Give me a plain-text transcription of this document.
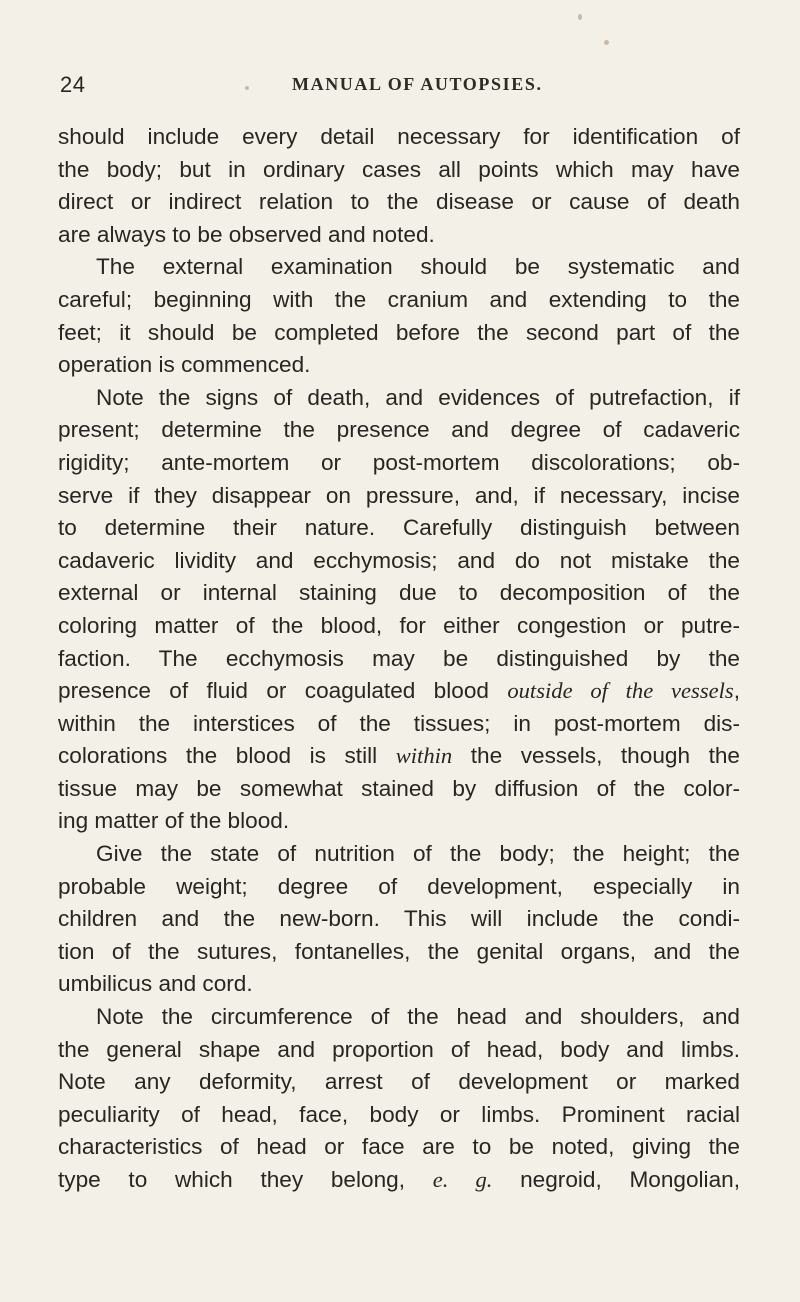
24	MANUAL OF AUTOPSIES.
should include every detail necessary for identification of
the body; but in ordinary cases all points which may have
direct or indirect relation to the disease or cause of death
are always to be observed and noted.
The external examination should be systematic and
careful; beginning with the cranium and extending to the
feet; it should be completed before the second part of the
operation is commenced.
Note the signs of death, and evidences of putrefaction, if
present; determine the presence and degree of cadaveric
rigidity; ante-mortem or post-mortem discolorations; ob-
serve if they disappear on pressure, and, if necessary, incise
to determine their nature. Carefully distinguish between
cadaveric lividity and ecchymosis; and do not mistake the
external or internal staining due to decomposition of the
coloring matter of the blood, for either congestion or putre-
faction. The ecchymosis may be distinguished by the
presence of fluid or coagulated blood outside of the vessels,
within the interstices of the tissues; in post-mortem dis-
colorations the blood is still within the vessels, though the
tissue may be somewhat stained by diffusion of the color-
ing matter of the blood.
Give the state of nutrition of the body; the height; the
probable weight; degree of development, especially in
children and the new-born. This will include the condi-
tion of the sutures, fontanelles, the genital organs, and the
umbilicus and cord.
Note the circumference of the head and shoulders, and
the general shape and proportion of head, body and limbs.
Note any deformity, arrest of development or marked
peculiarity of head, face, body or limbs. Prominent racial
characteristics of head or face are to be noted, giving the
type to which they belong, e. g. negroid, Mongolian,
